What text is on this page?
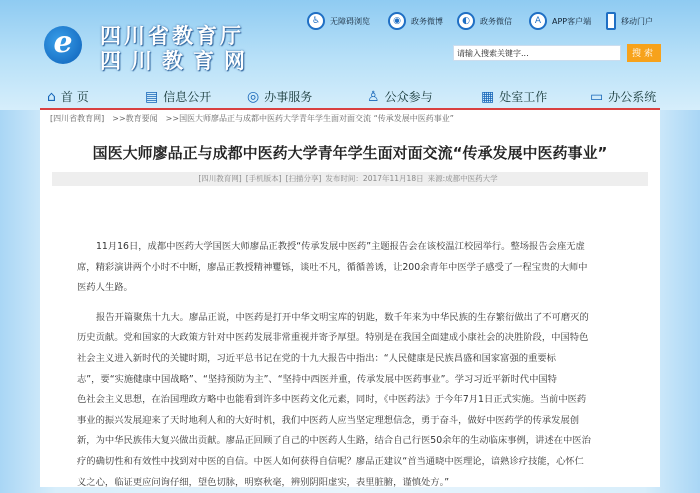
e	四川省教育厅
四川教育网
♿	无障碍浏览	◉	政务微博	◐	政务微信	A	APP客户端	移动门户
请输入搜索关键字...	搜索
⌂ 首 页	▤ 信息公开	◎ 办事服务	♙ 公众参与	▦ 处室工作	▭ 办公系统
[四川省教育网] >>教育要闻 >>国医大师廖品正与成都中医药大学青年学生面对面交流 “传承发展中医药事业”
国医大师廖品正与成都中医药大学青年学生面对面交流“传承发展中医药事业”
[四川教育网] [手机版本] [扫描分享] 发布时间：2017年11月18日 来源:成都中医药大学
11月16日，成都中医药大学国医大师廖品正教授“传承发展中医药”主题报告会在该校温江校园举行。整场报告会座无虚
席，精彩演讲两个小时不中断，廖品正教授精神矍铄，谈吐不凡，循循善诱，让200余青年中医学子感受了一程宝贵的大师中
医药人生路。
报告开篇聚焦十九大。廖品正说，中医药是打开中华文明宝库的钥匙，数千年来为中华民族的生存繁衍做出了不可磨灭的
历史贡献。党和国家的大政策方针对中医药发展非常重视并寄予厚望。特别是在我国全面建成小康社会的决胜阶段，中国特色
社会主义进入新时代的关键时期，习近平总书记在党的十九大报告中指出：“人民健康是民族昌盛和国家富强的重要标
志”，要“实施健康中国战略”、“坚持预防为主”、“坚持中西医并重，传承发展中医药事业”。学习习近平新时代中国特
色社会主义思想，在治国理政方略中也能看到许多中医药文化元素，同时，《中医药法》于今年7月1日正式实施。当前中医药
事业的振兴发展迎来了天时地利人和的大好时机，我们中医药人应当坚定理想信念，勇于奋斗，做好中医药学的传承发展创
新，为中华民族伟大复兴做出贡献。廖品正回顾了自己的中医药人生路，结合自己行医50余年的生动临床事例，讲述在中医治
疗的确切性和有效性中找到对中医的自信。中医人如何获得自信呢？廖品正建议“首当通晓中医理论，谙熟诊疗技能，心怀仁
义之心，临证更应问询仔细，望色切脉，明察秋毫，辨别阴阳虚实，表里脏腑，谨慎处方。”
